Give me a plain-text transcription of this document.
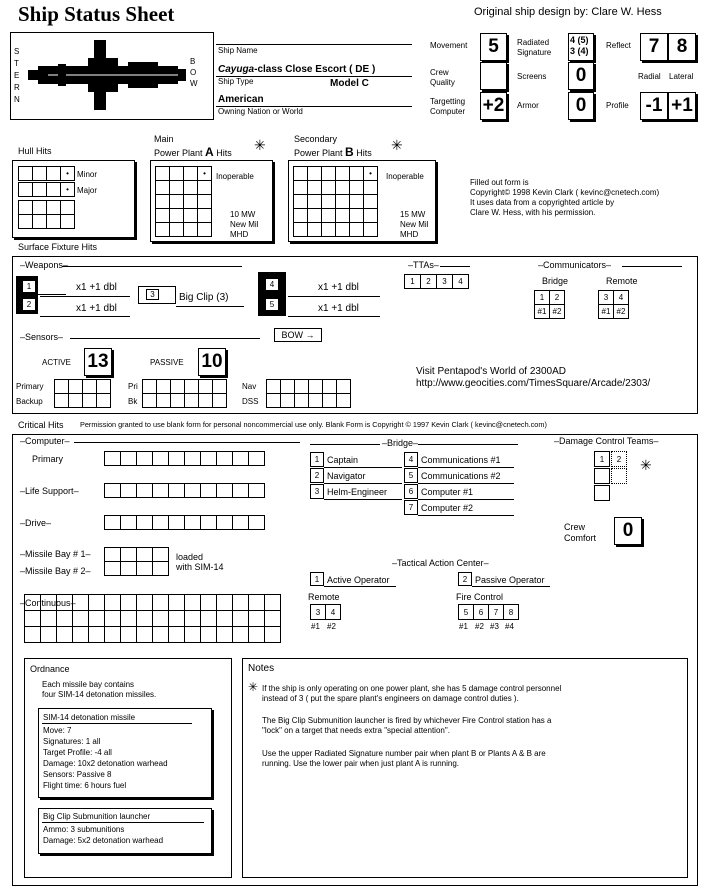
Ship Status Sheet	Original ship design by: Clare W. Hess
S T E R N
B O W
Ship Name
Cayuga-class Close Escort ( DE )
Ship Type	Model C
American
Owning Nation or World
Movement	5
Crew Quality
Targetting Computer +2
Radiated Signature
4 (5)
3 (4)
Screens	0
Armor	0
Reflect 7 8
Radial Lateral
Profile -1 +1
Hull Hits
•	Minor
•	Major
Main
Power Plant A Hits ✳
•	Inoperable
10 MW
New Mil
MHD
Secondary
Power Plant B Hits ✳
•	Inoperable
15 MW
New Mil
MHD
Filled out form is
Copyright© 1998 Kevin Clark ( kevinc@cnetech.com)
It uses data from a copyrighted article by
Clare W. Hess, with his permission.
Surface Fixture Hits
–Weapons–
1
2
x1 +1 dbl
x1 +1 dbl
3	Big Clip (3)
4
5
x1 +1 dbl
x1 +1 dbl
BOW →
–TTAs–
1	2	3	4
–Communicators–
Bridge	Remote
1	2
#1 #2
3	4
#1 #2
–Sensors–
ACTIVE 13	PASSIVE 10
Primary
Backup
Pri
Bk
Nav
DSS
Visit Pentapod's World of 2300AD
http://www.geocities.com/TimesSquare/Arcade/2303/
Critical Hits Permission granted to use blank form for personal noncommercial use only. Blank Form is Copyright © 1997 Kevin Clark ( kevinc@cnetech.com)
–Computer–
Primary
–Life Support–
–Drive–
–Missile Bay # 1–
–Missile Bay # 2–
loaded
with SIM-14
–Continuous–
–Bridge–
1 Captain
2 Navigator
3 Helm-Engineer
4 Communications #1
5 Communications #2
6 Computer #1
7 Computer #2
–Damage Control Teams–
1	2	✳
Crew Comfort	0
–Tactical Action Center–
1 Active Operator	2 Passive Operator
Remote
3	4
#1 #2
Fire Control
5	6	7	8
#1 #2 #3 #4
Ordnance
Each missile bay contains
four SIM-14 detonation missiles.
SIM-14 detonation missile
Move: 7
Signatures: 1 all
Target Profile: -4 all
Damage: 10x2 detonation warhead
Sensors: Passive 8
Flight time: 6 hours fuel
Big Clip Submunition launcher
Ammo: 3 submunitions
Damage: 5x2 detonation warhead
Notes
✳ If the ship is only operating on one power plant, she has 5 damage control personnel
instead of 3 ( put the spare plant's engineers on damage control duties ).
The Big Clip Submunition launcher is fired by whichever Fire Control station has a
"lock" on a target that needs extra "special attention".
Use the upper Radiated Signature number pair when plant B or Plants A & B are
running. Use the lower pair when just plant A is running.
